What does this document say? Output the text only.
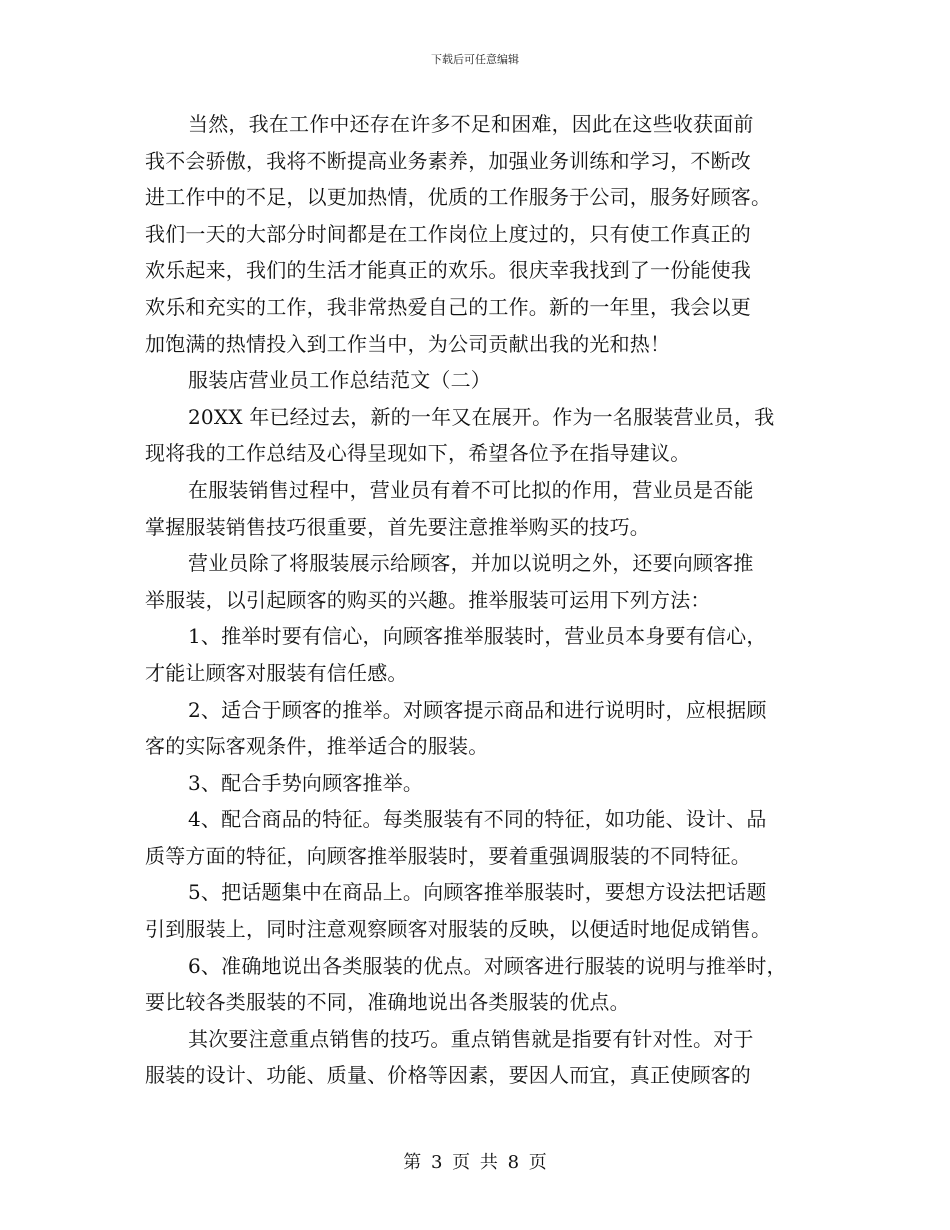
下载后可任意编辑
当然，我在工作中还存在许多不足和困难，因此在这些收获面前
我不会骄傲，我将不断提高业务素养，加强业务训练和学习，不断改
进工作中的不足，以更加热情，优质的工作服务于公司，服务好顾客。
我们一天的大部分时间都是在工作岗位上度过的，只有使工作真正的
欢乐起来，我们的生活才能真正的欢乐。很庆幸我找到了一份能使我
欢乐和充实的工作，我非常热爱自己的工作。新的一年里，我会以更
加饱满的热情投入到工作当中，为公司贡献出我的光和热！
服装店营业员工作总结范文（二）
20XX 年已经过去，新的一年又在展开。作为一名服装营业员，我
现将我的工作总结及心得呈现如下，希望各位予在指导建议。
在服装销售过程中，营业员有着不可比拟的作用，营业员是否能
掌握服装销售技巧很重要，首先要注意推举购买的技巧。
营业员除了将服装展示给顾客，并加以说明之外，还要向顾客推
举服装，以引起顾客的购买的兴趣。推举服装可运用下列方法：
1、推举时要有信心，向顾客推举服装时，营业员本身要有信心，
才能让顾客对服装有信任感。
2、适合于顾客的推举。对顾客提示商品和进行说明时，应根据顾
客的实际客观条件，推举适合的服装。
3、配合手势向顾客推举。
4、配合商品的特征。每类服装有不同的特征，如功能、设计、品
质等方面的特征，向顾客推举服装时，要着重强调服装的不同特征。
5、把话题集中在商品上。向顾客推举服装时，要想方设法把话题
引到服装上，同时注意观察顾客对服装的反映，以便适时地促成销售。
6、准确地说出各类服装的优点。对顾客进行服装的说明与推举时，
要比较各类服装的不同，准确地说出各类服装的优点。
其次要注意重点销售的技巧。重点销售就是指要有针对性。对于
服装的设计、功能、质量、价格等因素，要因人而宜，真正使顾客的
第 3 页 共 8 页
